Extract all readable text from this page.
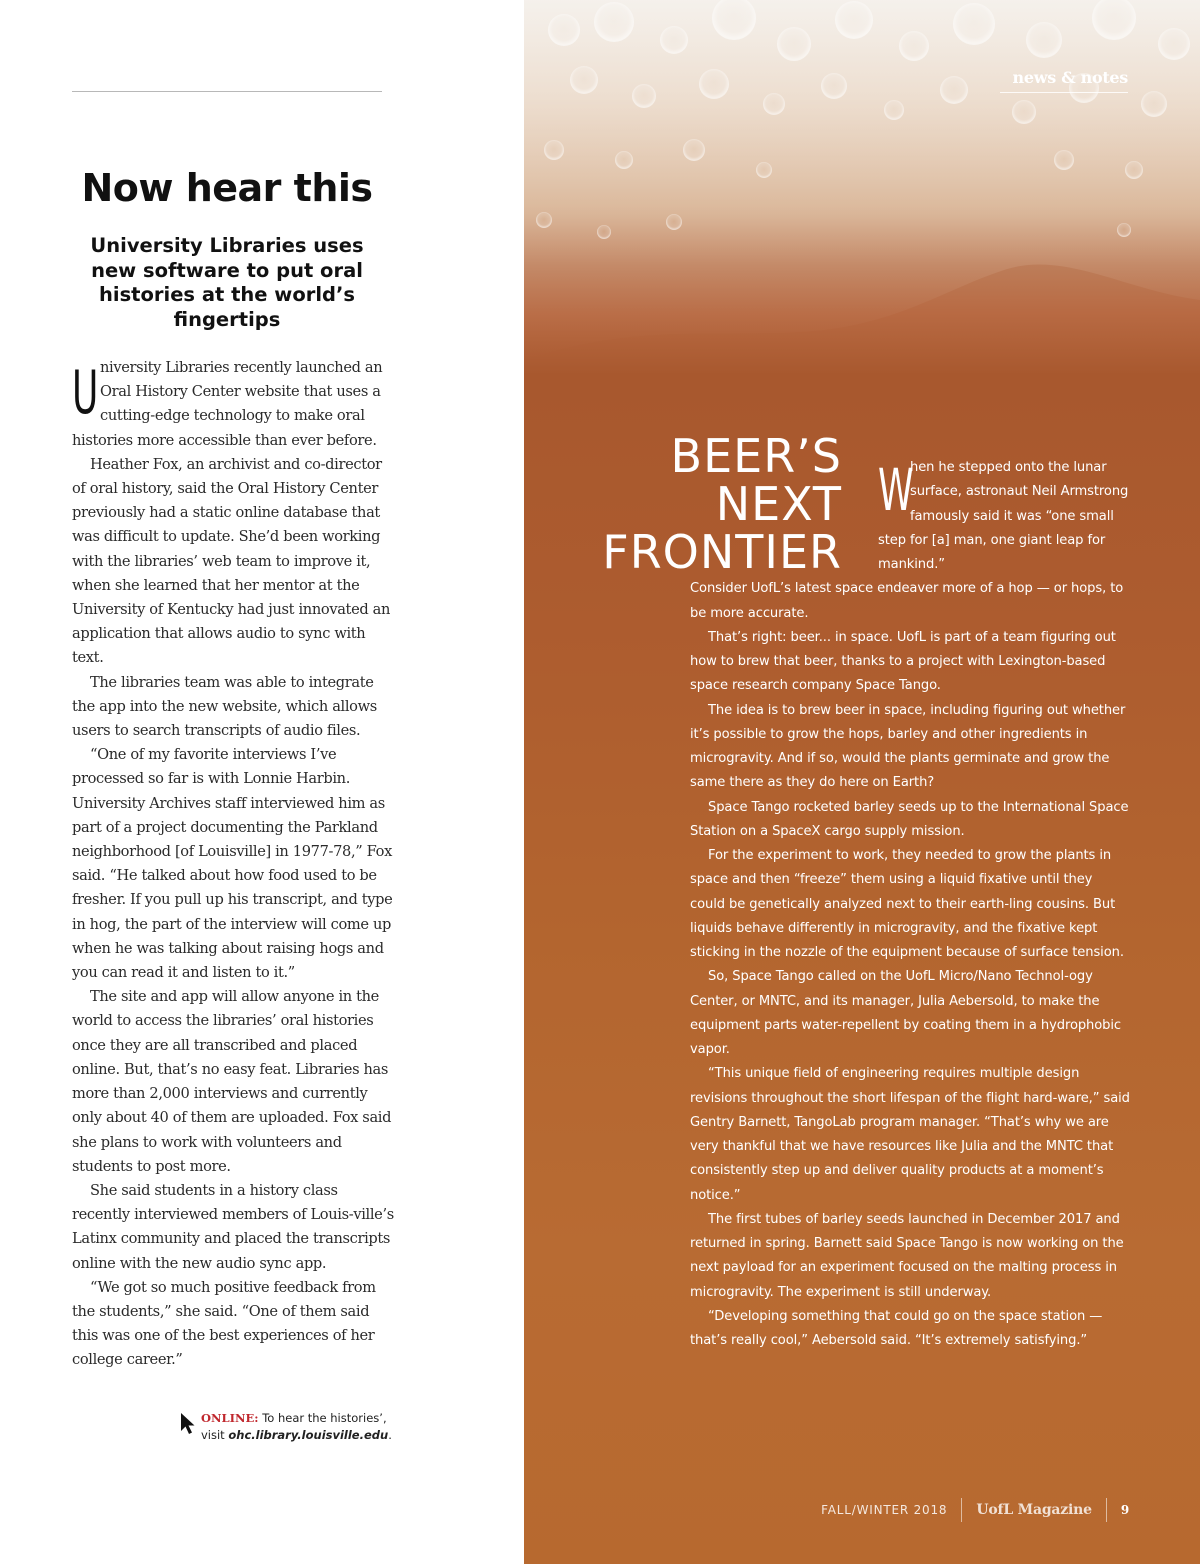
Now hear this
University Libraries uses new software to put oral histories at the world’s fingertips

University Libraries recently launched an Oral History Center website that uses a cutting-edge technology to make oral histories more accessible than ever before.

Heather Fox, an archivist and co-director of oral history, said the Oral History Center previously had a static online database that was difficult to update. She’d been working with the libraries’ web team to improve it, when she learned that her mentor at the University of Kentucky had just innovated an application that allows audio to sync with text.

The libraries team was able to integrate the app into the new website, which allows users to search transcripts of audio files.

“One of my favorite interviews I’ve processed so far is with Lonnie Harbin. University Archives staff interviewed him as part of a project documenting the Parkland neighborhood [of Louisville] in 1977-78,” Fox said. “He talked about how food used to be fresher. If you pull up his transcript, and type in hog, the part of the interview will come up when he was talking about raising hogs and you can read it and listen to it.”

The site and app will allow anyone in the world to access the libraries’ oral histories once they are all transcribed and placed online. But, that’s no easy feat. Libraries has more than 2,000 interviews and currently only about 40 of them are uploaded. Fox said she plans to work with volunteers and students to post more.

She said students in a history class recently interviewed members of Louis-ville’s Latinx community and placed the transcripts online with the new audio sync app.

“We got so much positive feedback from the students,” she said. “One of them said this was one of the best experiences of her college career.”

ONLINE: To hear the histories’, visit ohc.library.louisville.edu.
news & notes
BEER’S
NEXT
FRONTIER

W
hen he stepped onto the lunar surface, astronaut Neil Armstrong famously said it was “one small step for [a] man, one giant leap for mankind.”

Consider UofL’s latest space endeaver more of a hop — or hops, to be more accurate.

That’s right: beer... in space. UofL is part of a team figuring out how to brew that beer, thanks to a project with Lexington-based space research company Space Tango.

The idea is to brew beer in space, including figuring out whether it’s possible to grow the hops, barley and other ingredients in microgravity. And if so, would the plants germinate and grow the same there as they do here on Earth?

Space Tango rocketed barley seeds up to the International Space Station on a SpaceX cargo supply mission.

For the experiment to work, they needed to grow the plants in space and then “freeze” them using a liquid fixative until they could be genetically analyzed next to their earth-ling cousins. But liquids behave differently in microgravity, and the fixative kept sticking in the nozzle of the equipment because of surface tension.

So, Space Tango called on the UofL Micro/Nano Technol-ogy Center, or MNTC, and its manager, Julia Aebersold, to make the equipment parts water-repellent by coating them in a hydrophobic vapor.

“This unique field of engineering requires multiple design revisions throughout the short lifespan of the flight hard-ware,” said Gentry Barnett, TangoLab program manager. “That’s why we are very thankful that we have resources like Julia and the MNTC that consistently step up and deliver quality products at a moment’s notice.”

The first tubes of barley seeds launched in December 2017 and returned in spring. Barnett said Space Tango is now working on the next payload for an experiment focused on the malting process in microgravity. The experiment is still underway.

“Developing something that could go on the space station — that’s really cool,” Aebersold said. “It’s extremely satisfying.”

FALL/WINTER 2018 UofL Magazine 9
